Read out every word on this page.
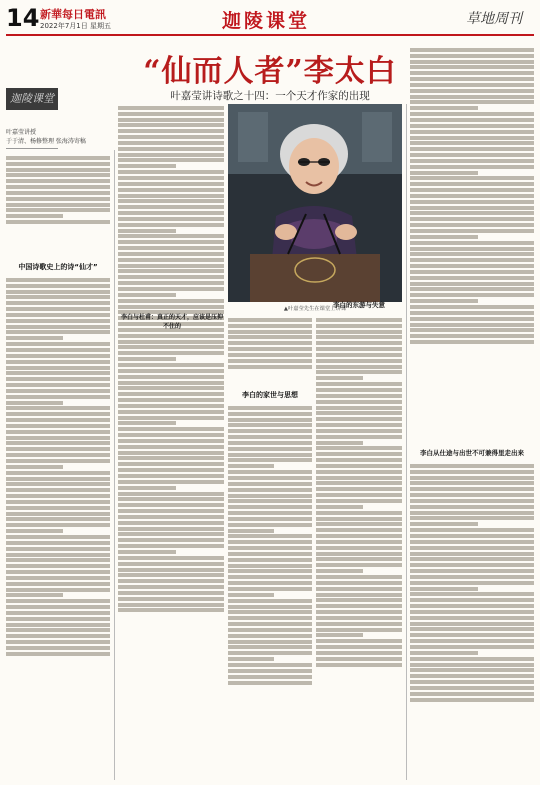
14 新華每日電訊
2022年7月1日 星期五	迦陵课堂	草地周刊
“仙而人者”李太白
叶嘉莹讲诗歌之十四：一个天才作家的出现
迦陵课堂
叶嘉莹讲授
于于清、杨修整理 张海涛寄稿
中国诗歌史上的诗“仙才”
▲叶嘉莹先生在课堂上讲课
李白的家世与思想
李白与杜甫：真正的天才，应该是压抑不住的
李白从仕途与出世不可兼得里走出来
李白的东游与失意
